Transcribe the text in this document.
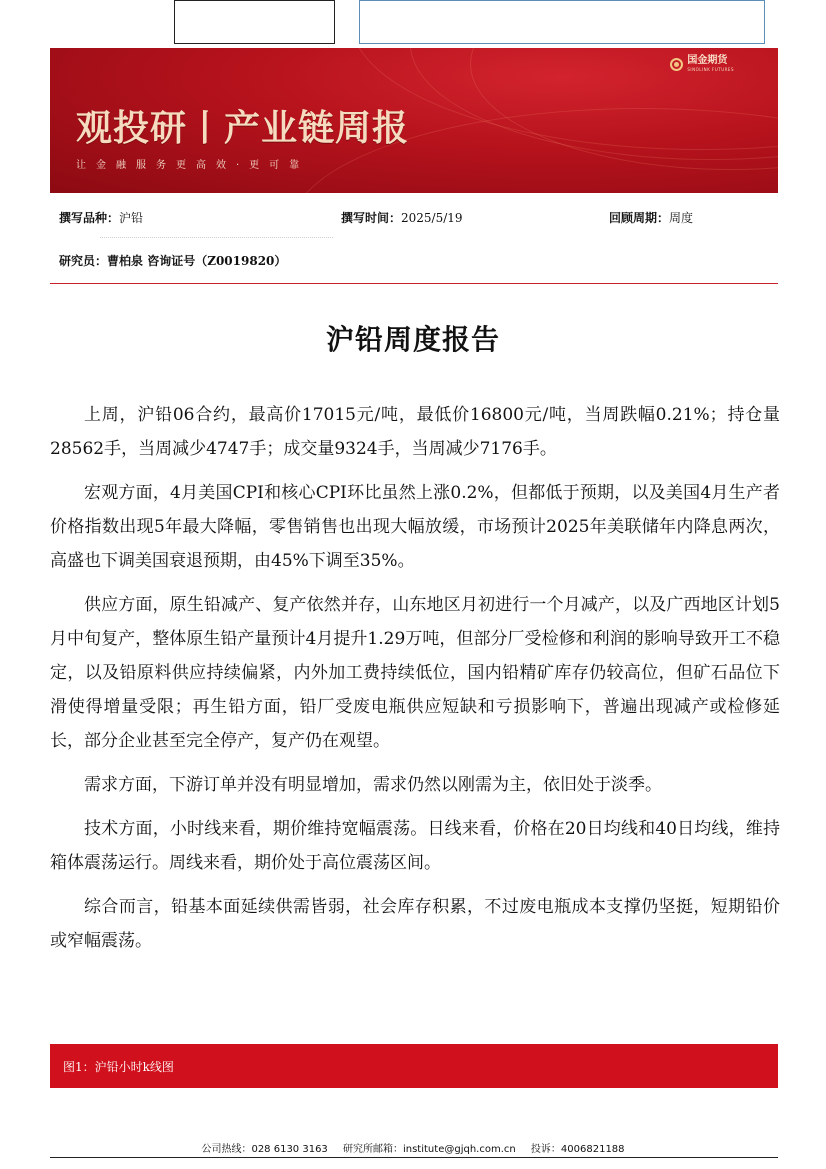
国金期货
SINOLINK FUTURES
观投研丨产业链周报
让金融服务更高效·更可靠
撰写品种：沪铅	撰写时间：2025/5/19	回顾周期：周度
研究员：曹柏泉 咨询证号（Z0019820）
沪铅周度报告

上周，沪铅06合约，最高价17015元/吨，最低价16800元/吨，当周跌幅0.21%；持仓量28562手，当周减少4747手；成交量9324手，当周减少7176手。

宏观方面，4月美国CPI和核心CPI环比虽然上涨0.2%，但都低于预期，以及美国4月生产者价格指数出现5年最大降幅，零售销售也出现大幅放缓，市场预计2025年美联储年内降息两次，高盛也下调美国衰退预期，由45%下调至35%。

供应方面，原生铅减产、复产依然并存，山东地区月初进行一个月减产，以及广西地区计划5月中旬复产，整体原生铅产量预计4月提升1.29万吨，但部分厂受检修和利润的影响导致开工不稳定，以及铅原料供应持续偏紧，内外加工费持续低位，国内铅精矿库存仍较高位，但矿石品位下滑使得增量受限；再生铅方面，铅厂受废电瓶供应短缺和亏损影响下，普遍出现减产或检修延长，部分企业甚至完全停产，复产仍在观望。

需求方面，下游订单并没有明显增加，需求仍然以刚需为主，依旧处于淡季。

技术方面，小时线来看，期价维持宽幅震荡。日线来看，价格在20日均线和40日均线，维持箱体震荡运行。周线来看，期价处于高位震荡区间。

综合而言，铅基本面延续供需皆弱，社会库存积累，不过废电瓶成本支撑仍坚挺，短期铅价或窄幅震荡。

图1：沪铅小时k线图
公司热线：028 6130 3163 研究所邮箱：institute@gjqh.com.cn 投诉：4006821188
